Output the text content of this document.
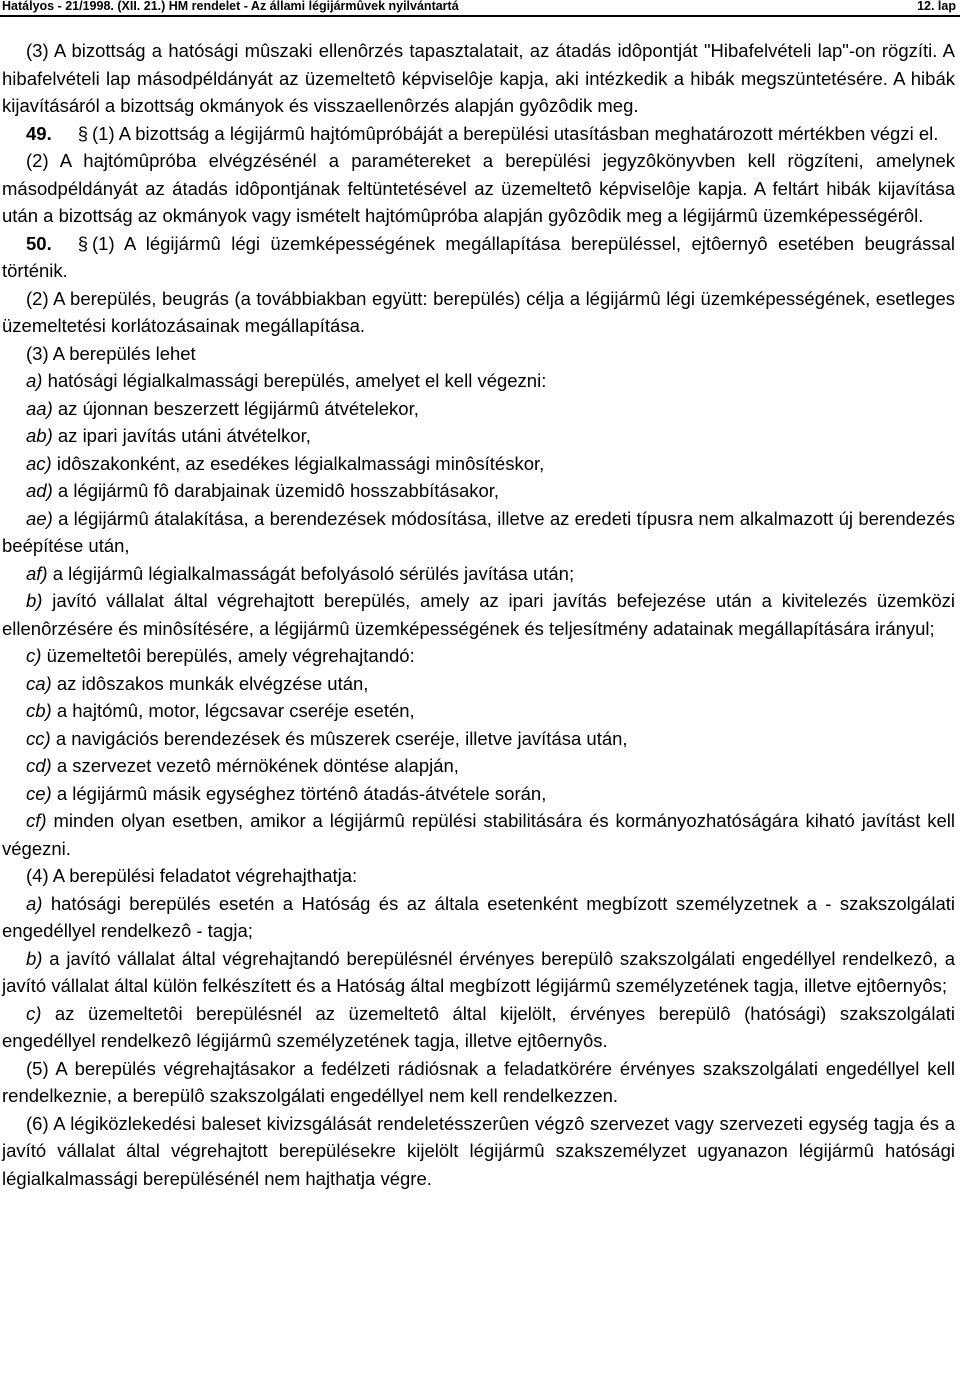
Hatályos - 21/1998. (XII. 21.) HM rendelet - Az állami légijármûvek nyilvántartá	12. lap

(3) A bizottság a hatósági mûszaki ellenôrzés tapasztalatait, az átadás idôpontját "Hibafelvételi lap"-on rögzíti. A hibafelvételi lap másodpéldányát az üzemeltetô képviselôje kapja, aki intézkedik a hibák megszüntetésére. A hibák kijavításáról a bizottság okmányok és visszaellenôrzés alapján gyôzôdik meg.

49. § (1) A bizottság a légijármû hajtómûpróbáját a berepülési utasításban meghatározott mértékben végzi el.

(2) A hajtómûpróba elvégzésénél a paramétereket a berepülési jegyzôkönyvben kell rögzíteni, amelynek másodpéldányát az átadás idôpontjának feltüntetésével az üzemeltetô képviselôje kapja. A feltárt hibák kijavítása után a bizottság az okmányok vagy ismételt hajtómûpróba alapján gyôzôdik meg a légijármû üzemképességérôl.

50. § (1) A légijármû légi üzemképességének megállapítása berepüléssel, ejtôernyô esetében beugrással történik.

(2) A berepülés, beugrás (a továbbiakban együtt: berepülés) célja a légijármû légi üzemképességének, esetleges üzemeltetési korlátozásainak megállapítása.

(3) A berepülés lehet

a) hatósági légialkalmassági berepülés, amelyet el kell végezni:

aa) az újonnan beszerzett légijármû átvételekor,

ab) az ipari javítás utáni átvételkor,

ac) idôszakonként, az esedékes légialkalmassági minôsítéskor,

ad) a légijármû fô darabjainak üzemidô hosszabbításakor,

ae) a légijármû átalakítása, a berendezések módosítása, illetve az eredeti típusra nem alkalmazott új berendezés beépítése után,

af) a légijármû légialkalmasságát befolyásoló sérülés javítása után;

b) javító vállalat által végrehajtott berepülés, amely az ipari javítás befejezése után a kivitelezés üzemközi ellenôrzésére és minôsítésére, a légijármû üzemképességének és teljesítmény adatainak megállapítására irányul;

c) üzemeltetôi berepülés, amely végrehajtandó:

ca) az idôszakos munkák elvégzése után,

cb) a hajtómû, motor, légcsavar cseréje esetén,

cc) a navigációs berendezések és mûszerek cseréje, illetve javítása után,

cd) a szervezet vezetô mérnökének döntése alapján,

ce) a légijármû másik egységhez történô átadás-átvétele során,

cf) minden olyan esetben, amikor a légijármû repülési stabilitására és kormányozhatóságára kiható javítást kell végezni.

(4) A berepülési feladatot végrehajthatja:

a) hatósági berepülés esetén a Hatóság és az általa esetenként megbízott személyzetnek a - szakszolgálati engedéllyel rendelkezô - tagja;

b) a javító vállalat által végrehajtandó berepülésnél érvényes berepülô szakszolgálati engedéllyel rendelkezô, a javító vállalat által külön felkészített és a Hatóság által megbízott légijármû személyzetének tagja, illetve ejtôernyôs;

c) az üzemeltetôi berepülésnél az üzemeltetô által kijelölt, érvényes berepülô (hatósági) szakszolgálati engedéllyel rendelkezô légijármû személyzetének tagja, illetve ejtôernyôs.

(5) A berepülés végrehajtásakor a fedélzeti rádiósnak a feladatkörére érvényes szakszolgálati engedéllyel kell rendelkeznie, a berepülô szakszolgálati engedéllyel nem kell rendelkezzen.

(6) A légiközlekedési baleset kivizsgálását rendeletésszerûen végzô szervezet vagy szervezeti egység tagja és a javító vállalat által végrehajtott berepülésekre kijelölt légijármû szakszemélyzet ugyanazon légijármû hatósági légialkalmassági berepülésénél nem hajthatja végre.
